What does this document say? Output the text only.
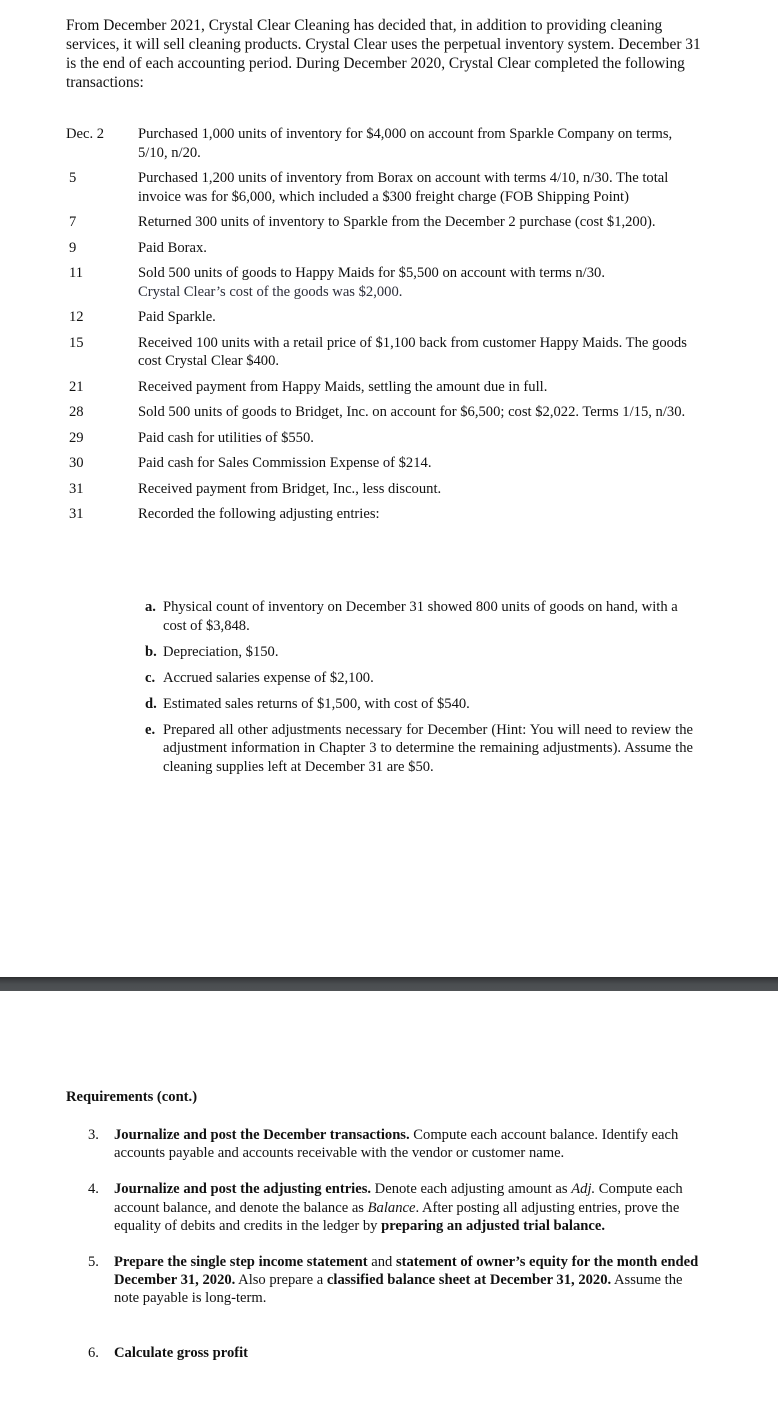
From December 2021, Crystal Clear Cleaning has decided that, in addition to providing cleaning services, it will sell cleaning products. Crystal Clear uses the perpetual inventory system. December 31 is the end of each accounting period. During December 2020, Crystal Clear completed the following transactions:

Dec. 2	Purchased 1,000 units of inventory for $4,000 on account from Sparkle Company on terms, 5/10, n/20.
5	Purchased 1,200 units of inventory from Borax on account with terms 4/10, n/30. The total invoice was for $6,000, which included a $300 freight charge (FOB Shipping Point)
7	Returned 300 units of inventory to Sparkle from the December 2 purchase (cost $1,200).
9	Paid Borax.
11	Sold 500 units of goods to Happy Maids for $5,500 on account with terms n/30.
Crystal Clear’s cost of the goods was $2,000.
12	Paid Sparkle.
15	Received 100 units with a retail price of $1,100 back from customer Happy Maids. The goods cost Crystal Clear $400.
21	Received payment from Happy Maids, settling the amount due in full.
28	Sold 500 units of goods to Bridget, Inc. on account for $6,500; cost $2,022. Terms 1/15, n/30.
29	Paid cash for utilities of $550.
30	Paid cash for Sales Commission Expense of $214.
31	Received payment from Bridget, Inc., less discount.
31	Recorded the following adjusting entries:
a. Physical count of inventory on December 31 showed 800 units of goods on hand, with a cost of $3,848.
b. Depreciation, $150.
c. Accrued salaries expense of $2,100.
d. Estimated sales returns of $1,500, with cost of $540.
e. Prepared all other adjustments necessary for December (Hint: You will need to review the adjustment information in Chapter 3 to determine the remaining adjustments). Assume the cleaning supplies left at December 31 are $50.
Requirements (cont.)
3.	Journalize and post the December transactions. Compute each account balance. Identify each accounts payable and accounts receivable with the vendor or customer name.
4.	Journalize and post the adjusting entries. Denote each adjusting amount as Adj. Compute each account balance, and denote the balance as Balance. After posting all adjusting entries, prove the equality of debits and credits in the ledger by preparing an adjusted trial balance.
5.	Prepare the single step income statement and statement of owner’s equity for the month ended December 31, 2020. Also prepare a classified balance sheet at December 31, 2020. Assume the note payable is long-term.
6.	Calculate gross profit
